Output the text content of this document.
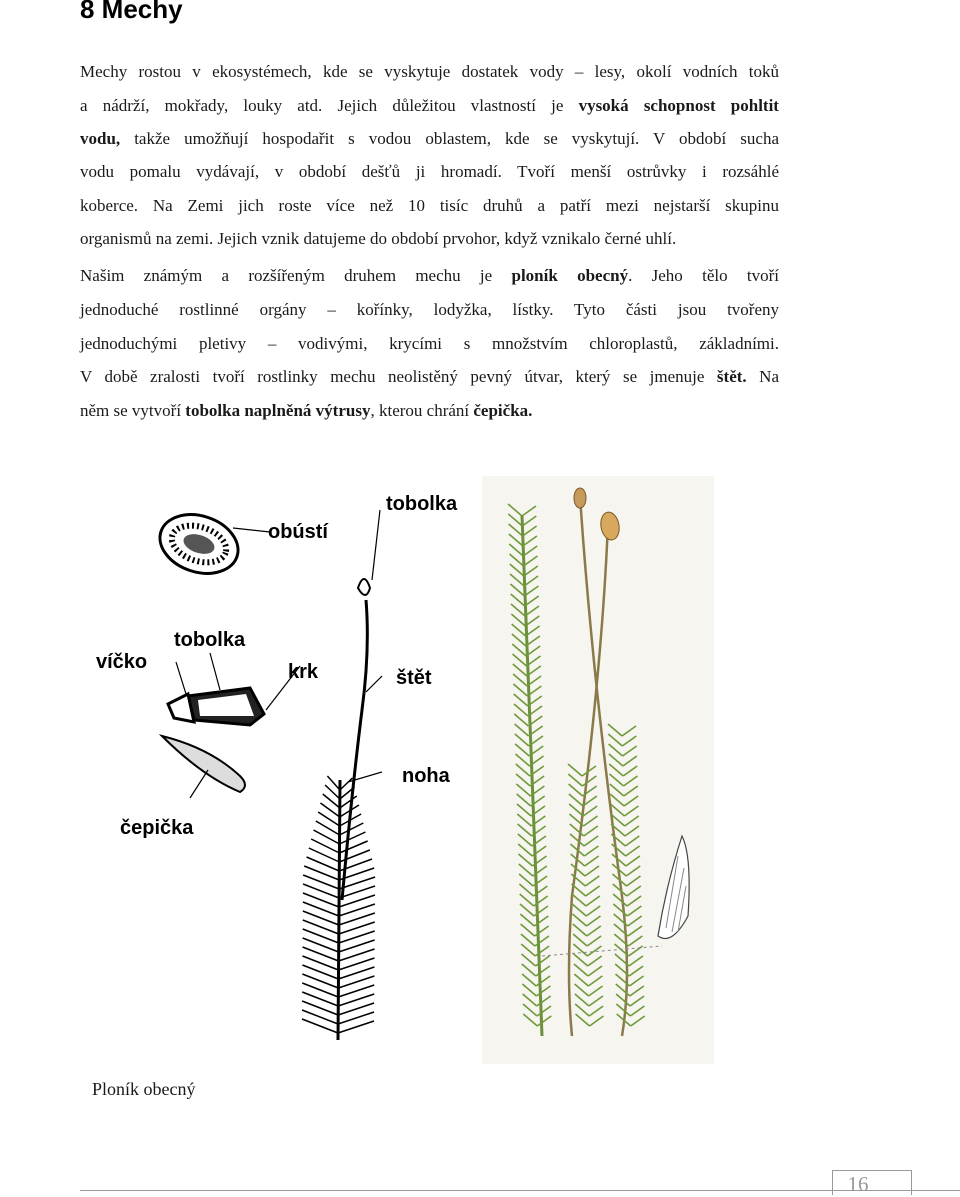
8 Mechy
Mechy rostou v ekosystémech, kde se vyskytuje dostatek vody – lesy, okolí vodních toků
a nádrží, mokřady, louky atd. Jejich důležitou vlastností je vysoká schopnost pohltit
vodu, takže umožňují hospodařit s vodou oblastem, kde se vyskytují. V období sucha
vodu pomalu vydávají, v období dešťů ji hromadí. Tvoří menší ostrůvky i rozsáhlé
koberce. Na Zemi jich roste více než 10 tisíc druhů a patří mezi nejstarší skupinu
organismů na zemi. Jejich vznik datujeme do období prvohor, když vznikalo černé uhlí.
Našim známým a rozšířeným druhem mechu je ploník obecný. Jeho tělo tvoří
jednoduché rostlinné orgány – kořínky, lodyžka, lístky. Tyto části jsou tvořeny
jednoduchými pletivy – vodivými, krycími s množstvím chloroplastů, základními.
V době zralosti tvoří rostlinky mechu neolistěný pevný útvar, který se jmenuje štět. Na
něm se vytvoří tobolka naplněná výtrusy, kterou chrání čepička.
tobolka
obústí
tobolka
víčko	krk	štět
noha
čepička
Ploník obecný
16
